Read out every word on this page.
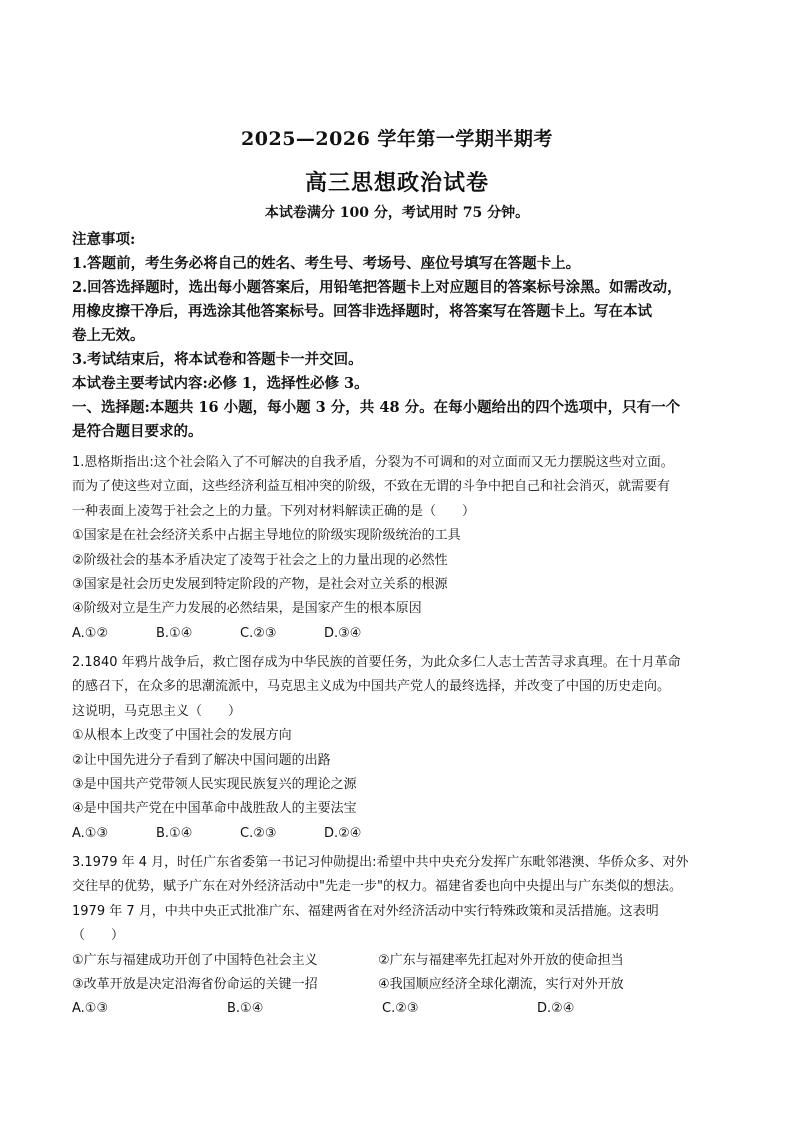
2025—2026 学年第一学期半期考
高三思想政治试卷
本试卷满分 100 分，考试用时 75 分钟。
注意事项:
1.答题前，考生务必将自己的姓名、考生号、考场号、座位号填写在答题卡上。
2.回答选择题时，选出每小题答案后，用铅笔把答题卡上对应题目的答案标号涂黑。如需改动，
用橡皮擦干净后，再选涂其他答案标号。回答非选择题时，将答案写在答题卡上。写在本试
卷上无效。
3.考试结束后，将本试卷和答题卡一并交回。
本试卷主要考试内容:必修 1，选择性必修 3。
一、选择题:本题共 16 小题，每小题 3 分，共 48 分。在每小题给出的四个选项中，只有一个
是符合题目要求的。
1.恩格斯指出:这个社会陷入了不可解决的自我矛盾，分裂为不可调和的对立面而又无力摆脱这些对立面。
而为了使这些对立面，这些经济利益互相冲突的阶级，不致在无谓的斗争中把自己和社会消灭，就需要有
一种表面上凌驾于社会之上的力量。下列对材料解读正确的是（　　）
①国家是在社会经济关系中占据主导地位的阶级实现阶级统治的工具
②阶级社会的基本矛盾决定了凌驾于社会之上的力量出现的必然性
③国家是社会历史发展到特定阶段的产物，是社会对立关系的根源
④阶级对立是生产力发展的必然结果，是国家产生的根本原因
A.①②	B.①④	C.②③	D.③④
2.1840 年鸦片战争后，救亡图存成为中华民族的首要任务，为此众多仁人志士苦苦寻求真理。在十月革命
的感召下，在众多的思潮流派中，马克思主义成为中国共产党人的最终选择，并改变了中国的历史走向。
这说明，马克思主义（　　）
①从根本上改变了中国社会的发展方向
②让中国先进分子看到了解决中国问题的出路
③是中国共产党带领人民实现民族复兴的理论之源
④是中国共产党在中国革命中战胜敌人的主要法宝
A.①③	B.①④	C.②③	D.②④
3.1979 年 4 月，时任广东省委第一书记习仲勋提出:希望中共中央充分发挥广东毗邻港澳、华侨众多、对外
交往早的优势，赋予广东在对外经济活动中"先走一步"的权力。福建省委也向中央提出与广东类似的想法。
1979 年 7 月，中共中央正式批准广东、福建两省在对外经济活动中实行特殊政策和灵活措施。这表明
（　　）
①广东与福建成功开创了中国特色社会主义	②广东与福建率先扛起对外开放的使命担当
③改革开放是决定沿海省份命运的关键一招	④我国顺应经济全球化潮流，实行对外开放
A.①③	B.①④	C.②③	D.②④
